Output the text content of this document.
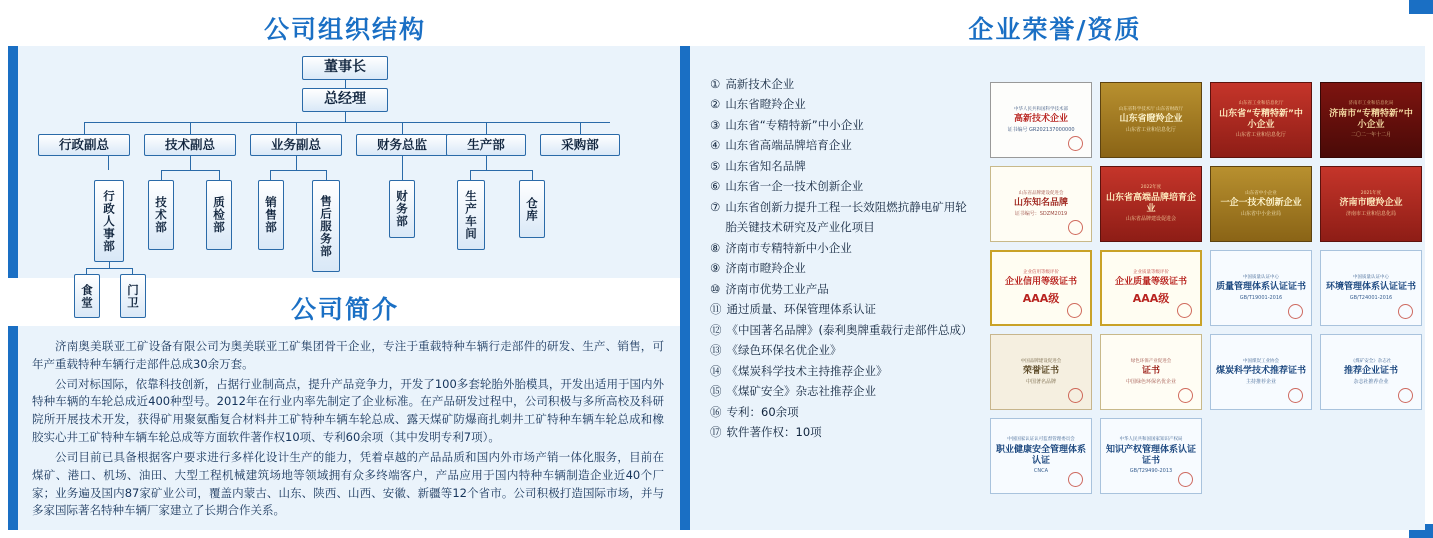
公司组织结构	企业荣誉/资质
公司简介
董事长
总经理
行政副总	技术副总	业务副总	财务总监	生产部	采购部
行政人事部	技术部	质检部	销售部	售后服务部	财务部	生产车间	仓库
食堂	门卫

济南奥美联亚工矿设备有限公司为奥美联亚工矿集团骨干企业，专注于重载特种车辆行走部件的研发、生产、销售，可年产重载特种车辆行走部件总成30余万套。

公司对标国际，依靠科技创新，占据行业制高点，提升产品竞争力，开发了100多套轮胎外胎模具，开发出适用于国内外特种车辆的车轮总成近400种型号。2012年在行业内率先制定了企业标准。在产品研发过程中，公司积极与多所高校及科研院所开展技术开发，获得矿用聚氨酯复合材料井工矿特种车辆车轮总成、露天煤矿防爆商扎刺井工矿特种车辆车轮总成和橡胶实心井工矿特种车辆车轮总成等方面软件著作权10项、专利60余项（其中发明专利7项）。

公司目前已具备根据客户要求进行多样化设计生产的能力，凭着卓越的产品品质和国内外市场产销一体化服务，目前在煤矿、港口、机场、油田、大型工程机械建筑场地等领域拥有众多终端客户，产品应用于国内特种车辆制造企业近40个厂家；业务遍及国内87家矿业公司，覆盖内蒙古、山东、陕西、山西、安徽、新疆等12个省市。公司积极打造国际市场，并与多家国际著名特种车辆厂家建立了长期合作关系。

① 高新技术企业
② 山东省瞪羚企业
③ 山东省“专精特新”中小企业
④ 山东省高端品牌培育企业
⑤ 山东省知名品牌
⑥ 山东省一企一技术创新企业
⑦ 山东省创新力提升工程一长效阻燃抗静电矿用轮胎关键技术研究及产业化项目
⑧ 济南市专精特新中小企业
⑨ 济南市瞪羚企业
⑩ 济南市优势工业产品
⑪ 通过质量、环保管理体系认证
⑫ 《中国著名品牌》(泰利奥牌重载行走部件总成）
⑬ 《绿色环保名优企业》
⑭ 《煤炭科学技术主持推荐企业》
⑮ 《煤矿安全》杂志社推荐企业
⑯ 专利：60余项
⑰ 软件著作权：10项
中华人民共和国科学技术部
高新技术企业
证书编号 GR202137000000
山东省科学技术厅 山东省财政厅
山东省瞪羚企业
山东省工业和信息化厅
山东省工业和信息化厅
山东省“专精特新”中小企业
山东省工业和信息化厅
济南市工业和信息化局
济南市“专精特新”中小企业
二〇二一年十二月
山东省品牌建设促进会
山东知名品牌
证书编号：SDZM2019
2022年度
山东省高端品牌培育企业
山东省品牌建设促进会
山东省中小企业
一企一技术创新企业
山东省中小企业局
2021年度
济南市瞪羚企业
济南市工业和信息化局
企业信用等级评价
企业信用等级证书
AAA级
企业质量等级评价
企业质量等级证书
AAA级
中国质量认证中心
质量管理体系认证证书
GB/T19001-2016
中国质量认证中心
环境管理体系认证证书
GB/T24001-2016
中国品牌建设促进会
荣誉证书
中国著名品牌
绿色环保产业促进会
证书
中国绿色环保名优企业
中国煤炭工业协会
煤炭科学技术推荐证书
主持推荐企业
《煤矿安全》杂志社
推荐企业证书
杂志社推荐企业
中国国家认证认可监督管理委员会
职业健康安全管理体系认证
CNCA
中华人民共和国国家知识产权局
知识产权管理体系认证证书
GB/T29490-2013
